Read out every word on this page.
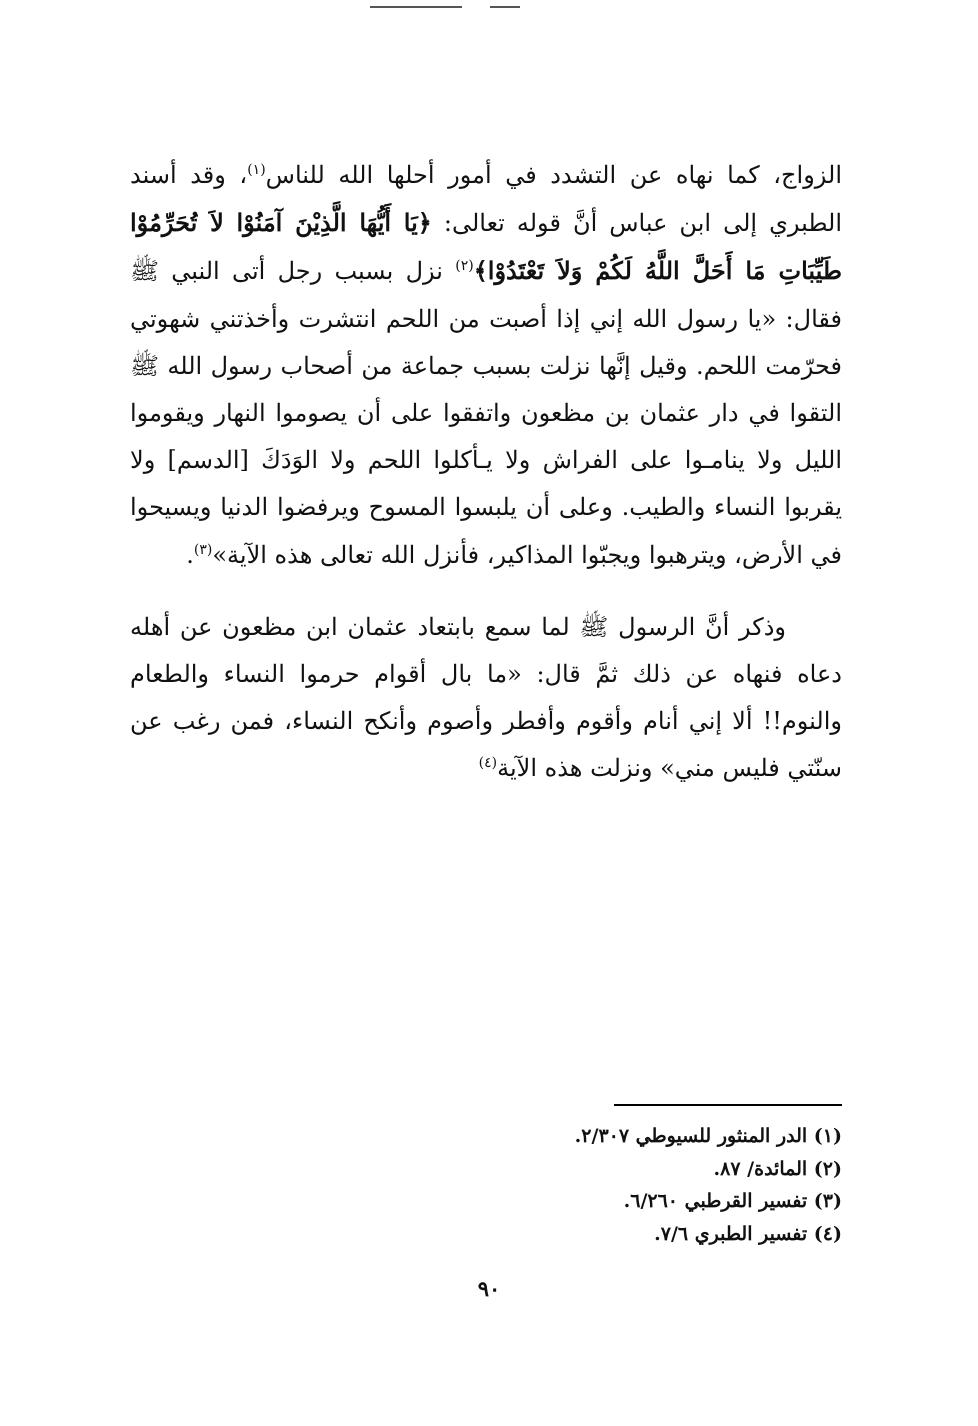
الزواج، كما نهاه عن التشدد في أمور أحلها الله للناس$^{(١)}$، وقد أسند الطبري إلى ابن عباس أنَّ قوله تعالى: ﴿يَا أَيُّهَا الَّذِيْنَ آمَنُوْا لاَ تُحَرِّمُوْا طَيِّبَاتِ مَا أَحَلَّ اللَّهُ لَكُمْ وَلاَ تَعْتَدُوْا﴾$^{(٢)}$ نزل بسبب رجل أتى النبي ﷺ فقال: «يا رسول الله إني إذا أصبت من اللحم انتشرت وأخذتني شهوتي فحرّمت اللحم. وقيل إنَّها نزلت بسبب جماعة من أصحاب رسول الله ﷺ التقوا في دار عثمان بن مظعون واتفقوا على أن يصوموا النهار ويقوموا الليل ولا ينامـوا على الفراش ولا يـأكلوا اللحم ولا الوَدَكَ [الدسم] ولا يقربوا النساء والطيب. وعلى أن يلبسوا المسوح ويرفضوا الدنيا ويسيحوا في الأرض، ويترهبوا ويجبّوا المذاكير، فأنزل الله تعالى هذه الآية»$^{(٣)}$.

وذكر أنَّ الرسول ﷺ لما سمع بابتعاد عثمان ابن مظعون عن أهله دعاه فنهاه عن ذلك ثمَّ قال: «ما بال أقوام حرموا النساء والطعام والنوم!! ألا إني أنام وأقوم وأفطر وأصوم وأنكح النساء، فمن رغب عن سنّتي فليس مني» ونزلت هذه الآية$^{(٤)}$

(١) الدر المنثور للسيوطي ٢/٣٠٧.
(٢) المائدة/ ٨٧.
(٣) تفسير القرطبي ٦/٢٦٠.
(٤) تفسير الطبري ٧/٦.
٩٠
